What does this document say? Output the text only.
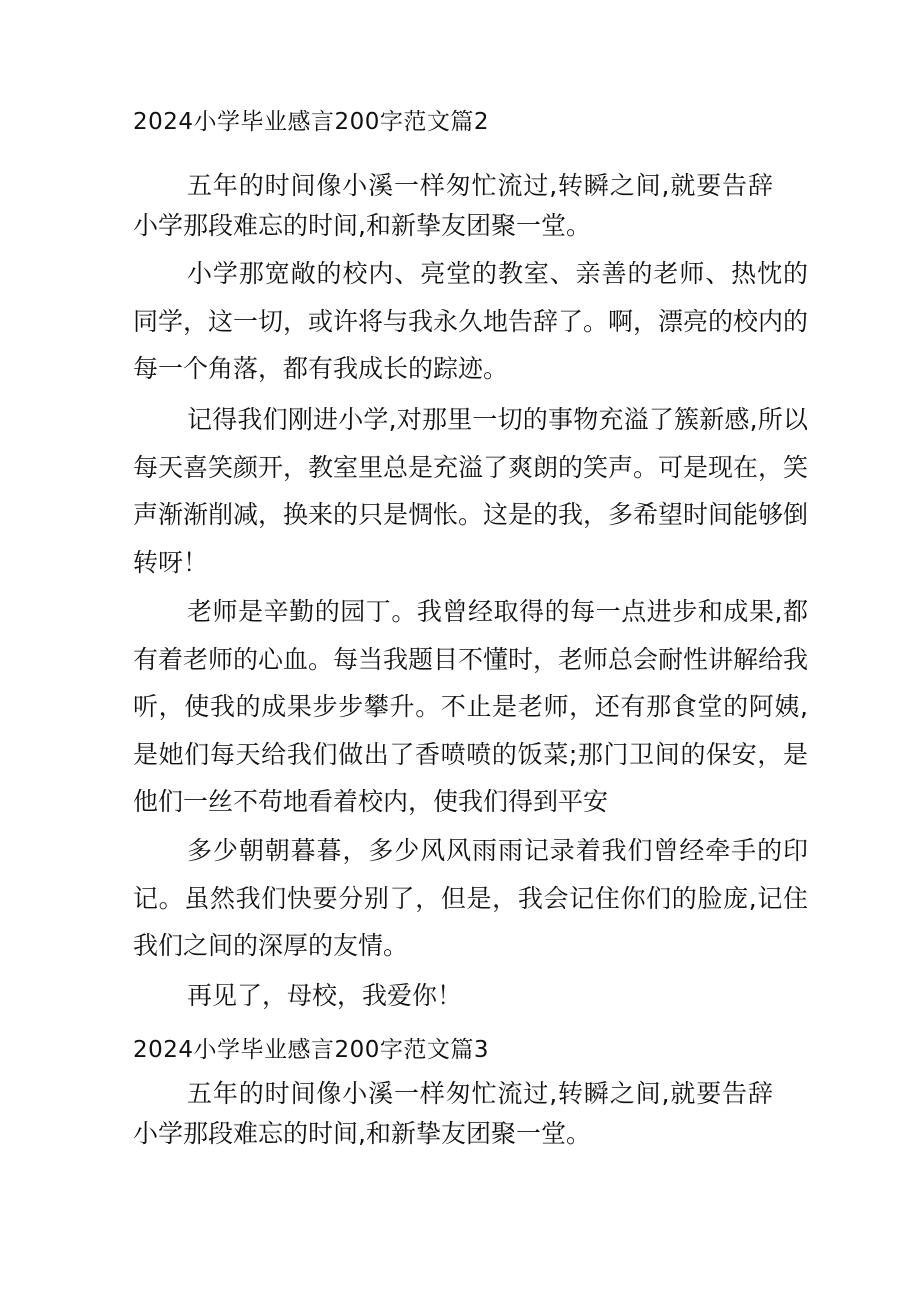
2024小学毕业感言200字范文篇2

五年的时间像小溪一样匆忙流过,转瞬之间,就要告辞小学那段难忘的时间,和新挚友团聚一堂。

小学那宽敞的校内、亮堂的教室、亲善的老师、热忱的同学，这一切，或许将与我永久地告辞了。啊，漂亮的校内的每一个角落，都有我成长的踪迹。

记得我们刚进小学,对那里一切的事物充溢了簇新感,所以每天喜笑颜开，教室里总是充溢了爽朗的笑声。可是现在，笑声渐渐削减，换来的只是惆怅。这是的我，多希望时间能够倒转呀！

老师是辛勤的园丁。我曾经取得的每一点进步和成果,都有着老师的心血。每当我题目不懂时，老师总会耐性讲解给我听，使我的成果步步攀升。不止是老师，还有那食堂的阿姨,是她们每天给我们做出了香喷喷的饭菜;那门卫间的保安，是他们一丝不苟地看着校内，使我们得到平安

多少朝朝暮暮，多少风风雨雨记录着我们曾经牵手的印记。虽然我们快要分别了，但是，我会记住你们的脸庞,记住我们之间的深厚的友情。

再见了，母校，我爱你！

2024小学毕业感言200字范文篇3

五年的时间像小溪一样匆忙流过,转瞬之间,就要告辞小学那段难忘的时间,和新挚友团聚一堂。
